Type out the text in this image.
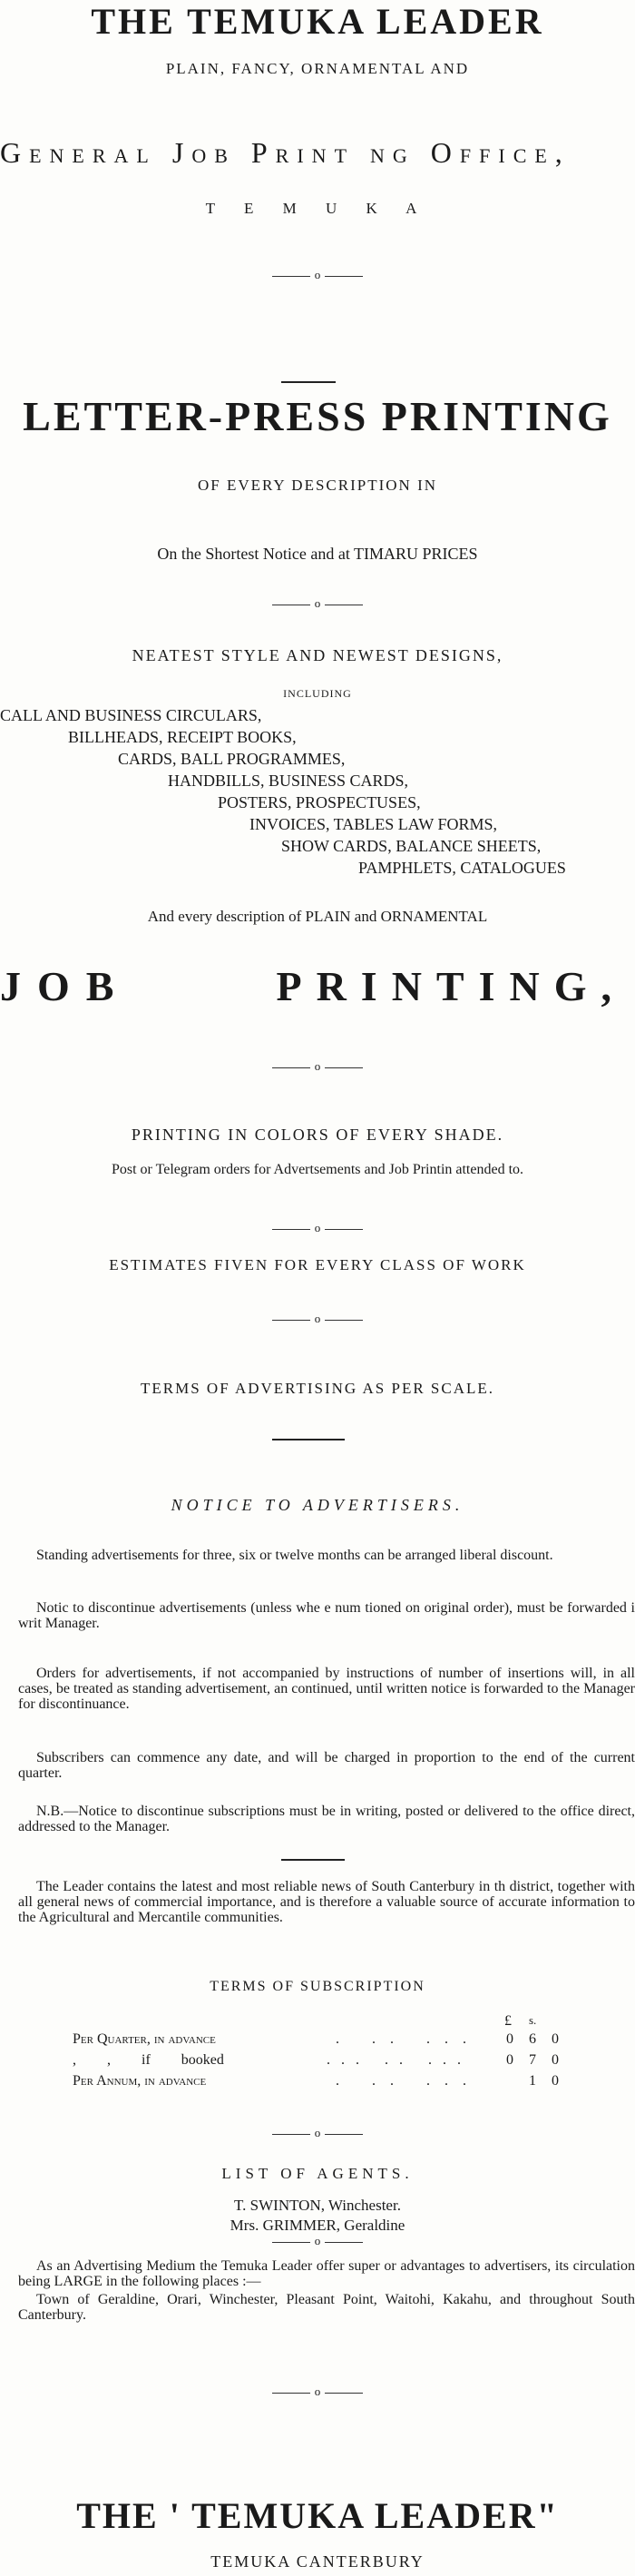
THE TEMUKA LEADER
PLAIN, FANCY, ORNAMENTAL AND
General Job Print ng Office,
T E M U K A
o
LETTER-PRESS PRINTING
OF EVERY DESCRIPTION IN
On the Shortest Notice and at TIMARU PRICES
o
NEATEST STYLE AND NEWEST DESIGNS,
INCLUDING
CALL AND BUSINESS CIRCULARS,
BILLHEADS, RECEIPT BOOKS,
CARDS, BALL PROGRAMMES,
HANDBILLS, BUSINESS CARDS,
POSTERS, PROSPECTUSES,
INVOICES, TABLES LAW FORMS,
SHOW CARDS, BALANCE SHEETS,
PAMPHLETS, CATALOGUES
And every description of PLAIN and ORNAMENTAL
JOB	PRINTING,
o
PRINTING IN COLORS OF EVERY SHADE.
Post or Telegram orders for Advertsements and Job Printin attended to.
o
ESTIMATES FIVEN FOR EVERY CLASS OF WORK
o
TERMS OF ADVERTISING AS PER SCALE.
NOTICE TO ADVERTISERS.
Standing advertisements for three, six or twelve months can be arranged liberal discount.
Notic to discontinue advertisements (unless whe e num tioned on original order), must be forwarded i writ Manager.
Orders for advertisements, if not accompanied by instructions of number of insertions will, in all cases, be treated as standing advertisement, an continued, until written notice is forwarded to the Manager for discontinuance.
Subscribers can commence any date, and will be charged in proportion to the end of the current quarter.
N.B.—Notice to discontinue subscriptions must be in writing, posted or delivered to the office direct, addressed to the Manager.
The Leader contains the latest and most reliable news of South Canterbury in th district, together with all general news of commercial importance, and is therefore a valuable source of accurate information to the Agricultural and Mercantile communities.
TERMS OF SUBSCRIPTION
£ s.
Per Quarter, in advance	. .. ... 0 6 0
, , if booked	... .. ... 0 7 0
Per Annum, in advance	. .. ...	1 0
o
LIST OF AGENTS.
T. SWINTON, Winchester.
Mrs. GRIMMER, Geraldine
o
As an Advertising Medium the Temuka Leader offer super or advantages to advertisers, its circulation being LARGE in the following places :—
Town of Geraldine, Orari, Winchester, Pleasant Point, Waitohi, Kakahu, and throughout South Canterbury.
o
THE ' TEMUKA LEADER"
TEMUKA CANTERBURY
